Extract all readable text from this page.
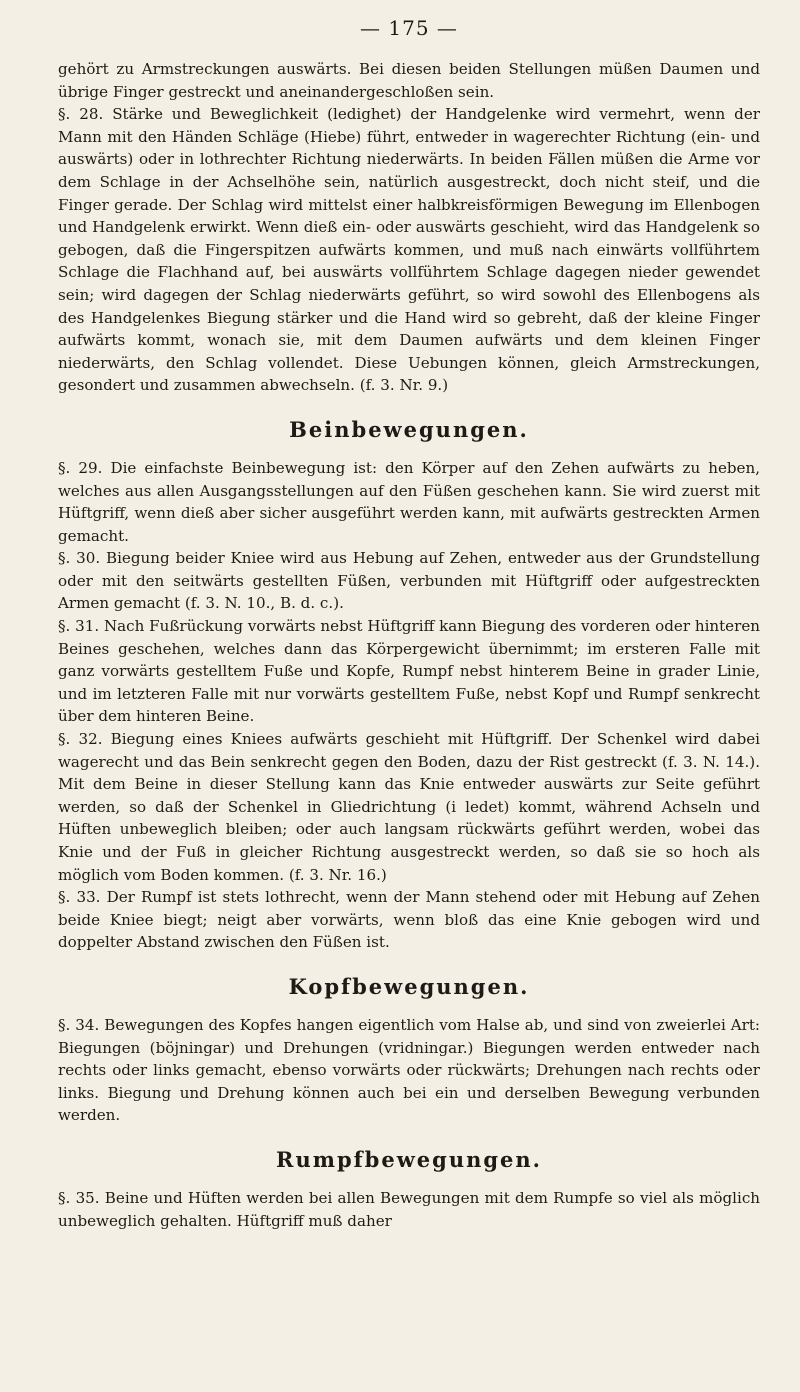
— 175 —

gehört zu Armstreckungen auswärts. Bei diesen beiden Stellungen müßen Daumen und übrige Finger gestreckt und aneinandergeschloßen sein.

§. 28. Stärke und Beweglichkeit (ledighet) der Handgelenke wird vermehrt, wenn der Mann mit den Händen Schläge (Hiebe) führt, entweder in wagerechter Richtung (ein- und auswärts) oder in lothrechter Richtung niederwärts. In beiden Fällen müßen die Arme vor dem Schlage in der Achselhöhe sein, natürlich ausgestreckt, doch nicht steif, und die Finger gerade. Der Schlag wird mittelst einer halbkreisförmigen Bewegung im Ellenbogen und Handgelenk erwirkt. Wenn dieß ein- oder auswärts geschieht, wird das Handgelenk so gebogen, daß die Fingerspitzen aufwärts kommen, und muß nach einwärts vollführtem Schlage die Flachhand auf, bei auswärts vollführtem Schlage dagegen nieder gewendet sein; wird dagegen der Schlag niederwärts geführt, so wird sowohl des Ellenbogens als des Handgelenkes Biegung stärker und die Hand wird so gebreht, daß der kleine Finger aufwärts kommt, wonach sie, mit dem Daumen aufwärts und dem kleinen Finger niederwärts, den Schlag vollendet. Diese Uebungen können, gleich Armstreckungen, gesondert und zusammen abwechseln. (f. 3. Nr. 9.)

Beinbewegungen.

§. 29. Die einfachste Beinbewegung ist: den Körper auf den Zehen aufwärts zu heben, welches aus allen Ausgangsstellungen auf den Füßen geschehen kann. Sie wird zuerst mit Hüftgriff, wenn dieß aber sicher ausgeführt werden kann, mit aufwärts gestreckten Armen gemacht.

§. 30. Biegung beider Kniee wird aus Hebung auf Zehen, entweder aus der Grundstellung oder mit den seitwärts gestellten Füßen, verbunden mit Hüftgriff oder aufgestreckten Armen gemacht (f. 3. N. 10., B. d. c.).

§. 31. Nach Fußrückung vorwärts nebst Hüftgriff kann Biegung des vorderen oder hinteren Beines geschehen, welches dann das Körpergewicht übernimmt; im ersteren Falle mit ganz vorwärts gestelltem Fuße und Kopfe, Rumpf nebst hinterem Beine in grader Linie, und im letzteren Falle mit nur vorwärts gestelltem Fuße, nebst Kopf und Rumpf senkrecht über dem hinteren Beine.

§. 32. Biegung eines Kniees aufwärts geschieht mit Hüftgriff. Der Schenkel wird dabei wagerecht und das Bein senkrecht gegen den Boden, dazu der Rist gestreckt (f. 3. N. 14.). Mit dem Beine in dieser Stellung kann das Knie entweder auswärts zur Seite geführt werden, so daß der Schenkel in Gliedrichtung (i ledet) kommt, während Achseln und Hüften unbeweglich bleiben; oder auch langsam rückwärts geführt werden, wobei das Knie und der Fuß in gleicher Richtung ausgestreckt werden, so daß sie so hoch als möglich vom Boden kommen. (f. 3. Nr. 16.)

§. 33. Der Rumpf ist stets lothrecht, wenn der Mann stehend oder mit Hebung auf Zehen beide Kniee biegt; neigt aber vorwärts, wenn bloß das eine Knie gebogen wird und doppelter Abstand zwischen den Füßen ist.

Kopfbewegungen.

§. 34. Bewegungen des Kopfes hangen eigentlich vom Halse ab, und sind von zweierlei Art: Biegungen (böjningar) und Drehungen (vridningar.) Biegungen werden entweder nach rechts oder links gemacht, ebenso vorwärts oder rückwärts; Drehungen nach rechts oder links. Biegung und Drehung können auch bei ein und derselben Bewegung verbunden werden.

Rumpfbewegungen.

§. 35. Beine und Hüften werden bei allen Bewegungen mit dem Rumpfe so viel als möglich unbeweglich gehalten. Hüftgriff muß daher
